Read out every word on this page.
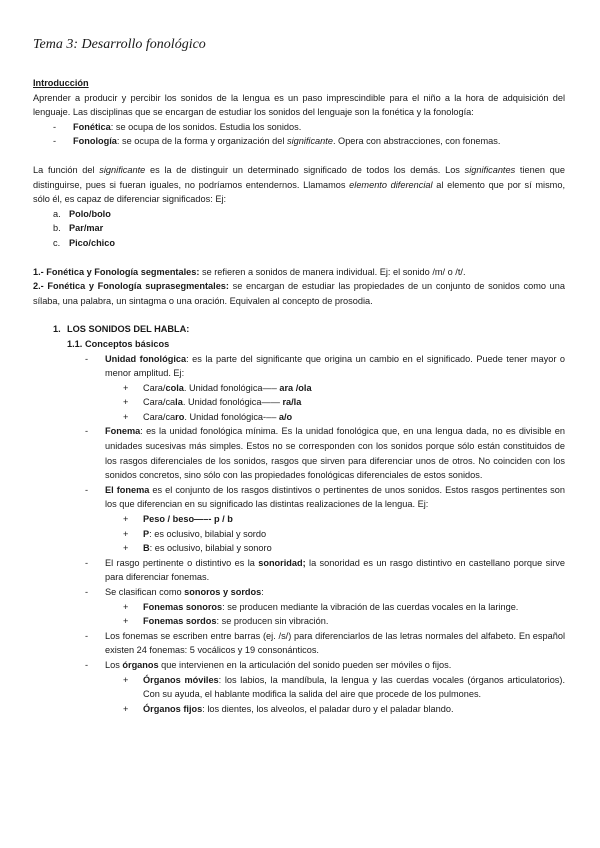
Tema 3: Desarrollo fonológico
Introducción

Aprender a producir y percibir los sonidos de la lengua es un paso imprescindible para el niño a la hora de adquisición del lenguaje. Las disciplinas que se encargan de estudiar los sonidos del lenguaje son la fonética y la fonología:

-	Fonética: se ocupa de los sonidos. Estudia los sonidos.
-	Fonología: se ocupa de la forma y organización del significante. Opera con abstracciones, con fonemas.

La función del significante es la de distinguir un determinado significado de todos los demás. Los significantes tienen que distinguirse, pues si fueran iguales, no podríamos entendernos. Llamamos elemento diferencial al elemento que por sí mismo, sólo él, es capaz de diferenciar significados: Ej:

a. Polo/bolo
b. Par/mar
c. Pico/chico

1.- Fonética y Fonología segmentales: se refieren a sonidos de manera individual. Ej: el sonido /m/ o /t/.

2.- Fonética y Fonología suprasegmentales: se encargan de estudiar las propiedades de un conjunto de sonidos como una sílaba, una palabra, un sintagma o una oración. Equivalen al concepto de prosodia.

1. LOS SONIDOS DEL HABLA:
1.1. Conceptos básicos
-	Unidad fonológica: es la parte del significante que origina un cambio en el significado. Puede tener mayor o menor amplitud. Ej:
+	Cara/cola. Unidad fonológica—– ara /ola
+	Cara/cala. Unidad fonológica—— ra/la
+	Cara/caro. Unidad fonológica-–– a/o
-	Fonema: es la unidad fonológica mínima. Es la unidad fonológica que, en una lengua dada, no es divisible en unidades sucesivas más simples. Estos no se corresponden con los sonidos porque sólo están constituidos de los rasgos diferenciales de los sonidos, rasgos que sirven para diferenciar unos de otros. No coinciden con los sonidos concretos, sino sólo con las propiedades fonológicas diferenciales de estos sonidos.
-	El fonema es el conjunto de los rasgos distintivos o pertinentes de unos sonidos. Estos rasgos pertinentes son los que diferencian en su significado las distintas realizaciones de la lengua. Ej:
+	Peso / beso—–- p / b
+	P: es oclusivo, bilabial y sordo
+	B: es oclusivo, bilabial y sonoro
-	El rasgo pertinente o distintivo es la sonoridad; la sonoridad es un rasgo distintivo en castellano porque sirve para diferenciar fonemas.
-	Se clasifican como sonoros y sordos:
+	Fonemas sonoros: se producen mediante la vibración de las cuerdas vocales en la laringe.
+	Fonemas sordos: se producen sin vibración.
-	Los fonemas se escriben entre barras (ej. /s/) para diferenciarlos de las letras normales del alfabeto. En español existen 24 fonemas: 5 vocálicos y 19 consonánticos.
-	Los órganos que intervienen en la articulación del sonido pueden ser móviles o fijos.
+	Órganos móviles: los labios, la mandíbula, la lengua y las cuerdas vocales (órganos articulatorios). Con su ayuda, el hablante modifica la salida del aire que procede de los pulmones.
+	Órganos fijos: los dientes, los alveolos, el paladar duro y el paladar blando.
